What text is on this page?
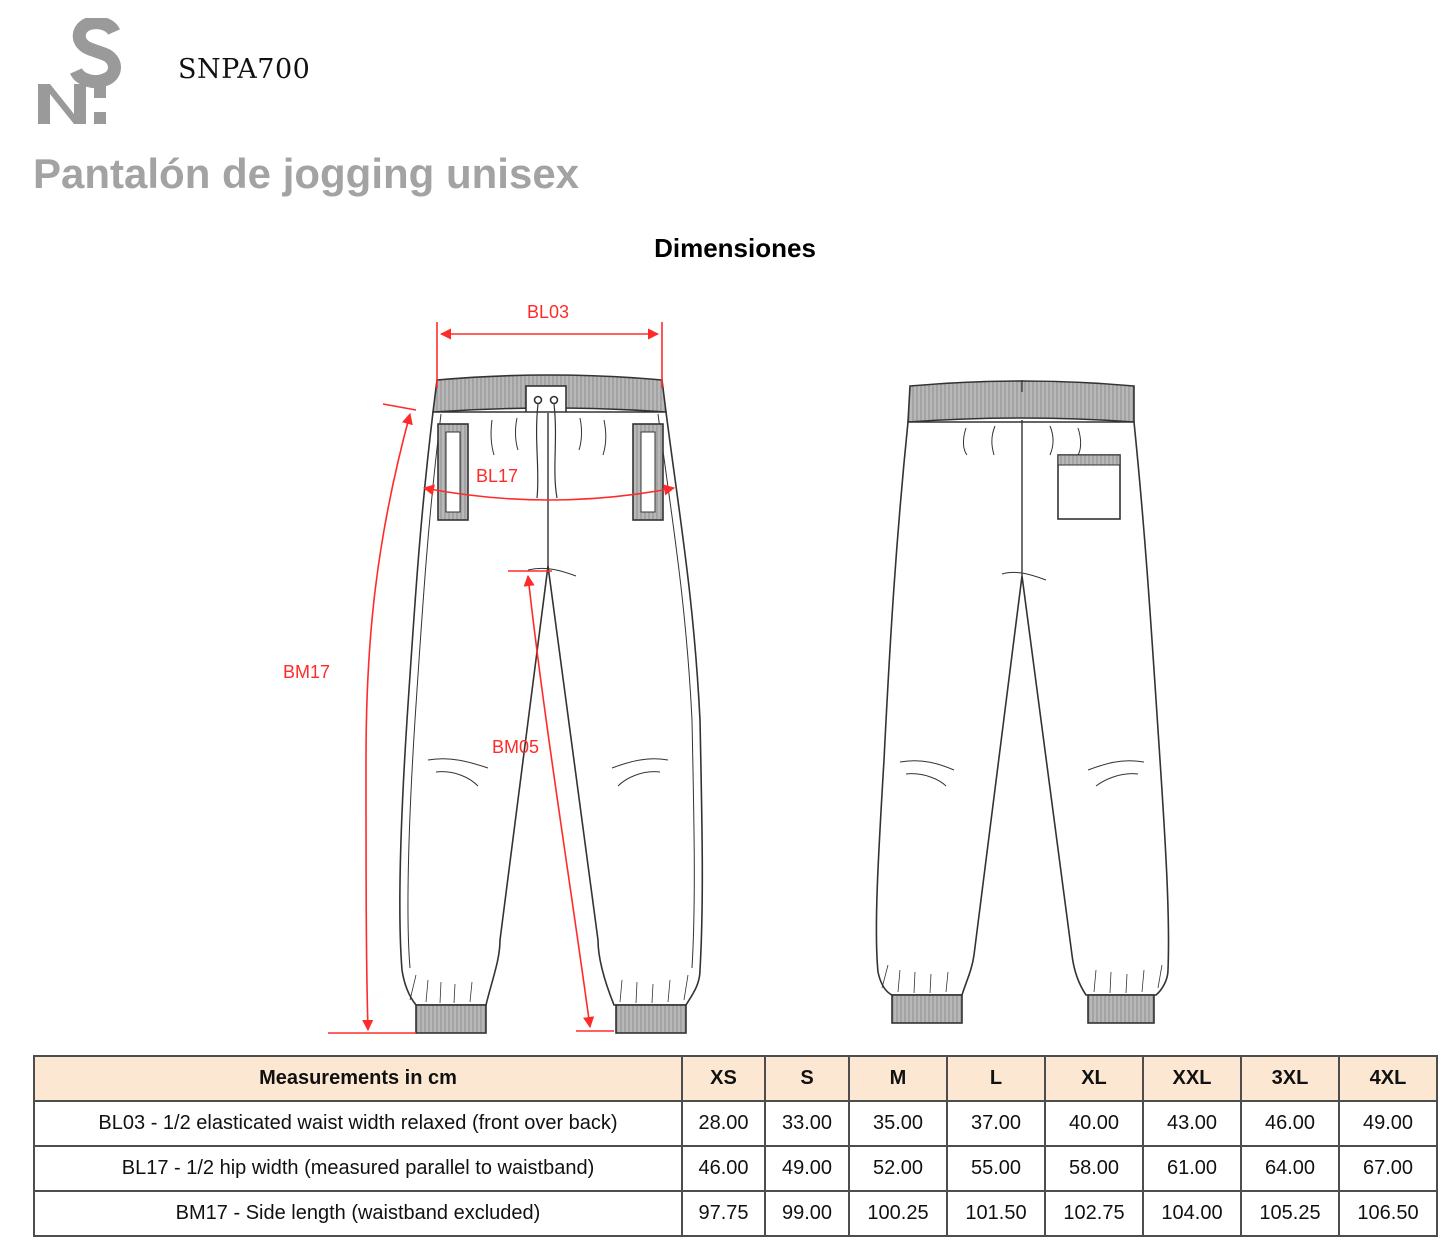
SNPA700
Pantalón de jogging unisex
Dimensiones
BL03
BL17
BM17
BM05
Measurements in cm	XS	S	M	L	XL	XXL	3XL	4XL
BL03 - 1/2 elasticated waist width relaxed (front over back)	28.00	33.00	35.00	37.00	40.00	43.00	46.00	49.00
BL17 - 1/2 hip width (measured parallel to waistband)	46.00	49.00	52.00	55.00	58.00	61.00	64.00	67.00
BM17 - Side length (waistband excluded)	97.75	99.00	100.25	101.50	102.75	104.00	105.25	106.50
